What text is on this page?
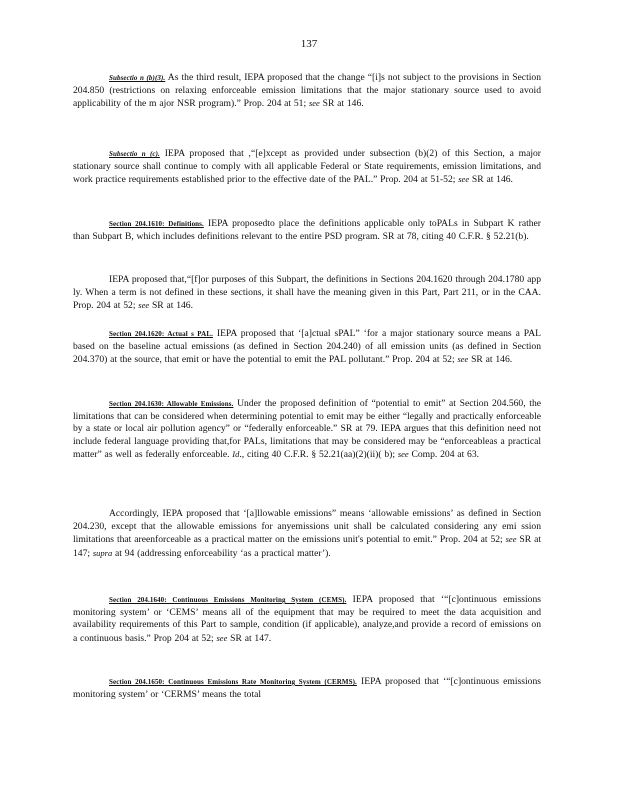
137

Subsectio n (b)(3). As the third result, IEPA proposed that the change “[i]s not subject to the provisions in Section 204.850 (restrictions on relaxing enforceable emission limitations that the major stationary source used to avoid applicability of the m ajor NSR program).” Prop. 204 at 51; see SR at 146.

Subsectio n (c). IEPA proposed that ,“[e]xcept as provided under subsection (b)(2) of this Section, a major stationary source shall continue to comply with all applicable Federal or State requirements, emission limitations, and work practice requirements established prior to the effective date of the PAL.” Prop. 204 at 51-52; see SR at 146.

Section 204.1610: Definitions. IEPA proposedto place the definitions applicable only toPALs in Subpart K rather than Subpart B, which includes definitions relevant to the entire PSD program. SR at 78, citing 40 C.F.R. § 52.21(b).

IEPA proposed that,“[f]or purposes of this Subpart, the definitions in Sections 204.1620 through 204.1780 app ly. When a term is not defined in these sections, it shall have the meaning given in this Part, Part 211, or in the CAA. Prop. 204 at 52; see SR at 146.

Section 204.1620: Actual s PAL. IEPA proposed that ‘[a]ctual sPAL” ‘for a major stationary source means a PAL based on the baseline actual emissions (as defined in Section 204.240) of all emission units (as defined in Section 204.370) at the source, that emit or have the potential to emit the PAL pollutant.” Prop. 204 at 52; see SR at 146.

Section 204.1630: Allowable Emissions. Under the proposed definition of “potential to emit” at Section 204.560, the limitations that can be considered when determining potential to emit may be either “legally and practically enforceable by a state or local air pollution agency” or “federally enforceable.” SR at 79. IEPA argues that this definition need not include federal language providing that,for PALs, limitations that may be considered may be “enforceableas a practical matter” as well as federally enforceable. Id., citing 40 C.F.R. § 52.21(aa)(2)(ii)( b); see Comp. 204 at 63.

Accordingly, IEPA proposed that ‘[a]llowable emissions” means ‘allowable emissions’ as defined in Section 204.230, except that the allowable emissions for anyemissions unit shall be calculated considering any emi ssion limitations that areenforceable as a practical matter on the emissions unit's potential to emit.” Prop. 204 at 52; see SR at 147; supra at 94 (addressing enforceability ‘as a practical matter’).

Section 204.1640: Continuous Emissions Monitoring System (CEMS). IEPA proposed that ‘“[c]ontinuous emissions monitoring system’ or ‘CEMS’ means all of the equipment that may be required to meet the data acquisition and availability requirements of this Part to sample, condition (if applicable), analyze,and provide a record of emissions on a continuous basis.” Prop 204 at 52; see SR at 147.

Section 204.1650: Continuous Emissions Rate Monitoring System (CERMS). IEPA proposed that ‘“[c]ontinuous emissions monitoring system’ or ‘CERMS’ means the total
